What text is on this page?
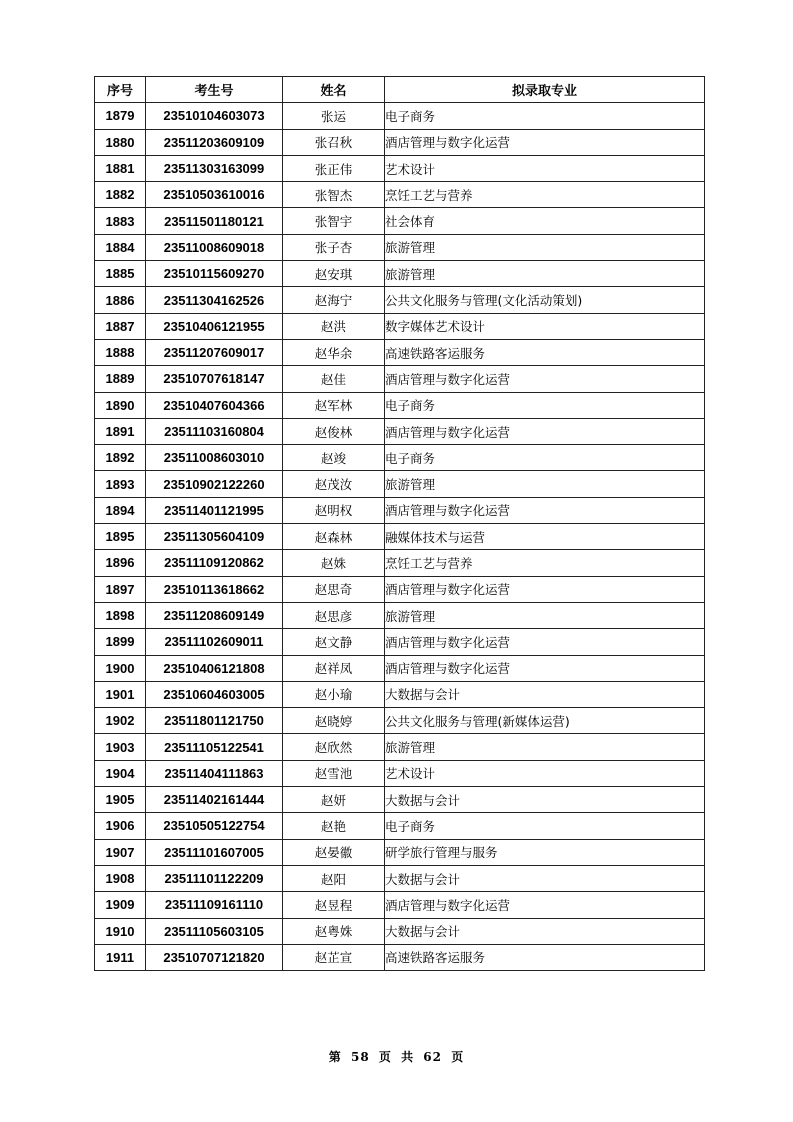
序号	考生号	姓名	拟录取专业
1879	23510104603073	张运	电子商务
1880	23511203609109	张召秋	酒店管理与数字化运营
1881	23511303163099	张正伟	艺术设计
1882	23510503610016	张智杰	烹饪工艺与营养
1883	23511501180121	张智宇	社会体育
1884	23511008609018	张子杏	旅游管理
1885	23510115609270	赵安琪	旅游管理
1886	23511304162526	赵海宁	公共文化服务与管理(文化活动策划)
1887	23510406121955	赵洪	数字媒体艺术设计
1888	23511207609017	赵华余	高速铁路客运服务
1889	23510707618147	赵佳	酒店管理与数字化运营
1890	23510407604366	赵军林	电子商务
1891	23511103160804	赵俊林	酒店管理与数字化运营
1892	23511008603010	赵竣	电子商务
1893	23510902122260	赵茂汝	旅游管理
1894	23511401121995	赵明权	酒店管理与数字化运营
1895	23511305604109	赵森林	融媒体技术与运营
1896	23511109120862	赵姝	烹饪工艺与营养
1897	23510113618662	赵思奇	酒店管理与数字化运营
1898	23511208609149	赵思彦	旅游管理
1899	23511102609011	赵文静	酒店管理与数字化运营
1900	23510406121808	赵祥凤	酒店管理与数字化运营
1901	23510604603005	赵小瑜	大数据与会计
1902	23511801121750	赵晓婷	公共文化服务与管理(新媒体运营)
1903	23511105122541	赵欣然	旅游管理
1904	23511404111863	赵雪池	艺术设计
1905	23511402161444	赵妍	大数据与会计
1906	23510505122754	赵艳	电子商务
1907	23511101607005	赵晏徽	研学旅行管理与服务
1908	23511101122209	赵阳	大数据与会计
1909	23511109161110	赵昱程	酒店管理与数字化运营
1910	23511105603105	赵粤姝	大数据与会计
1911	23510707121820	赵芷宣	高速铁路客运服务
第 58 页 共 62 页
